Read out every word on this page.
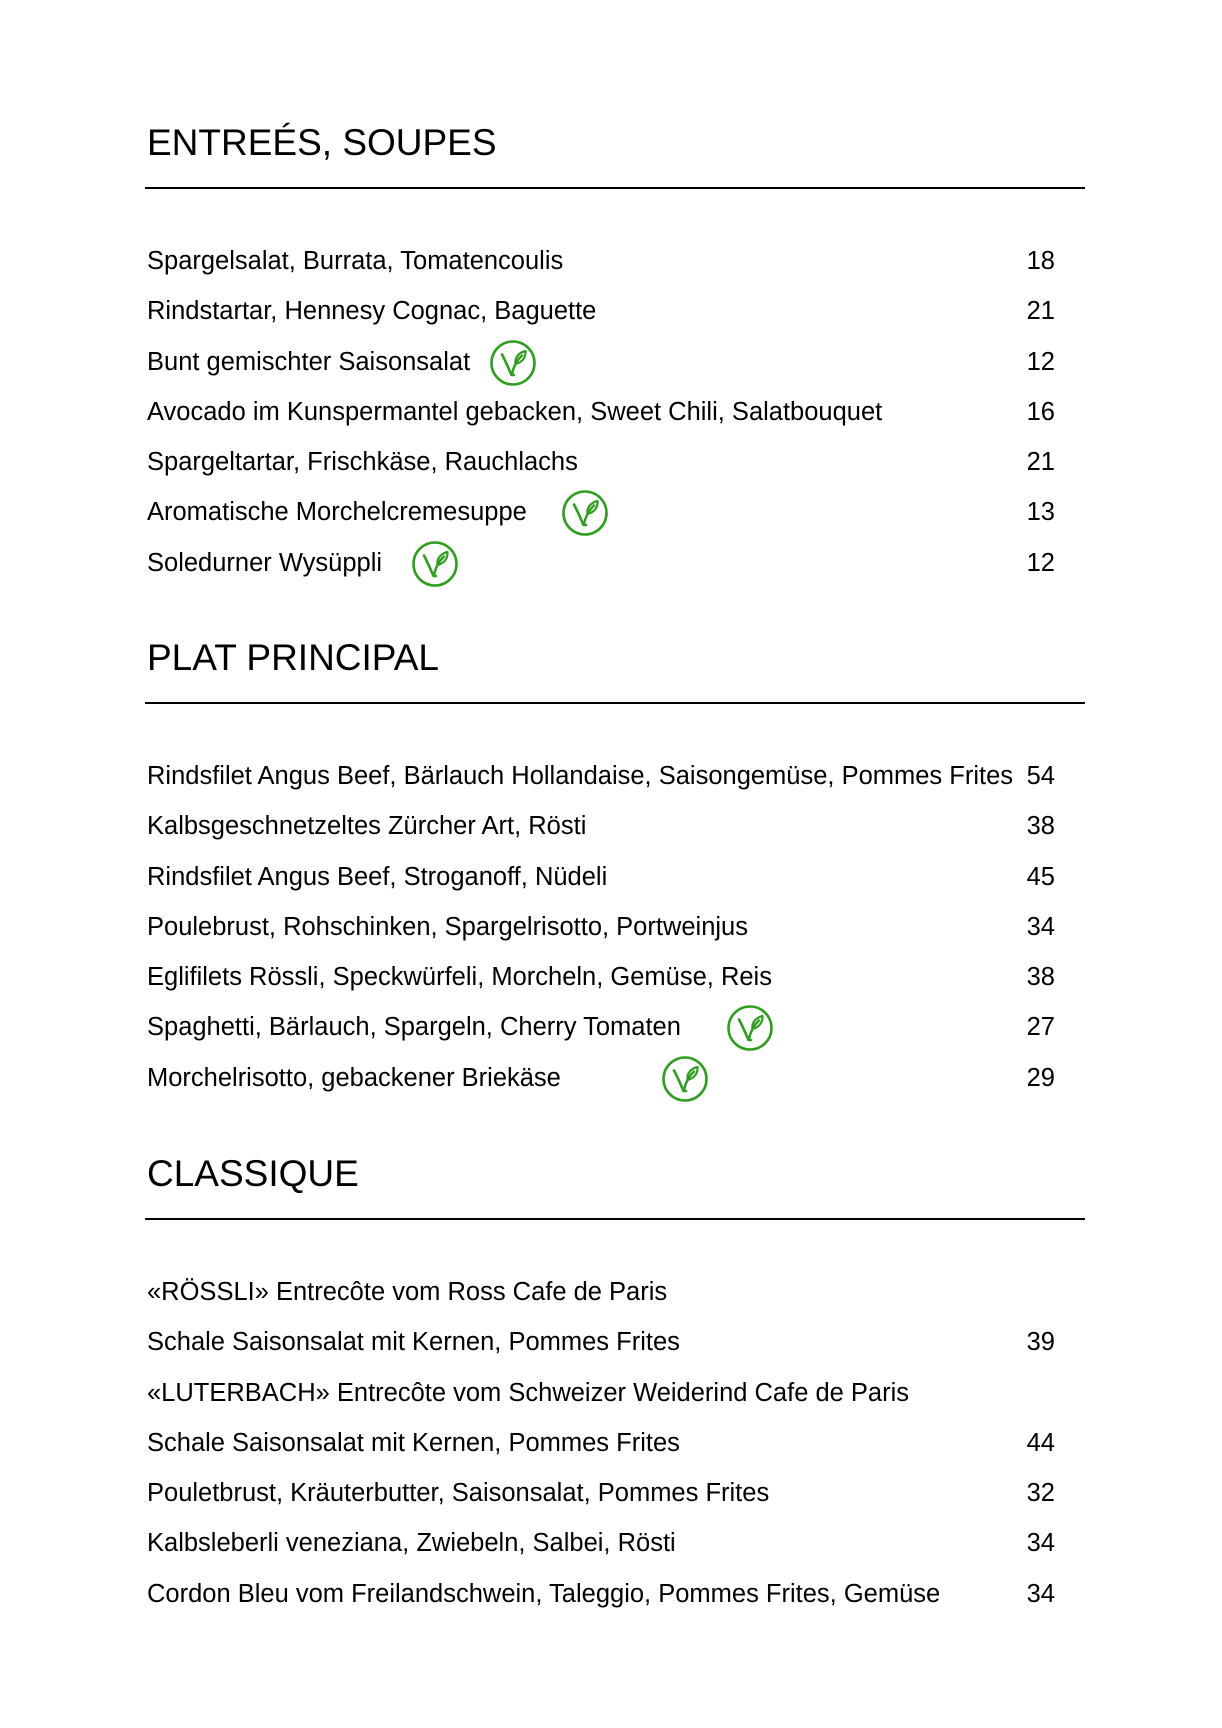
ENTREÉS, SOUPES
Spargelsalat, Burrata, Tomatencoulis	18
Rindstartar, Hennesy Cognac, Baguette	21
Bunt gemischter Saisonsalat	12
Avocado im Kunspermantel gebacken, Sweet Chili, Salatbouquet	16
Spargeltartar, Frischkäse, Rauchlachs	21
Aromatische Morchelcremesuppe	13
Soledurner Wysüppli	12
PLAT PRINCIPAL
Rindsfilet Angus Beef, Bärlauch Hollandaise, Saisongemüse, Pommes Frites 54
Kalbsgeschnetzeltes Zürcher Art, Rösti	38
Rindsfilet Angus Beef, Stroganoff, Nüdeli	45
Poulebrust, Rohschinken, Spargelrisotto, Portweinjus	34
Eglifilets Rössli, Speckwürfeli, Morcheln, Gemüse, Reis	38
Spaghetti, Bärlauch, Spargeln, Cherry Tomaten	27
Morchelrisotto, gebackener Briekäse	29
CLASSIQUE
«RÖSSLI» Entrecôte vom Ross Cafe de Paris
Schale Saisonsalat mit Kernen, Pommes Frites	39
«LUTERBACH» Entrecôte vom Schweizer Weiderind Cafe de Paris
Schale Saisonsalat mit Kernen, Pommes Frites	44
Pouletbrust, Kräuterbutter, Saisonsalat, Pommes Frites	32
Kalbsleberli veneziana, Zwiebeln, Salbei, Rösti	34
Cordon Bleu vom Freilandschwein, Taleggio, Pommes Frites, Gemüse	34
